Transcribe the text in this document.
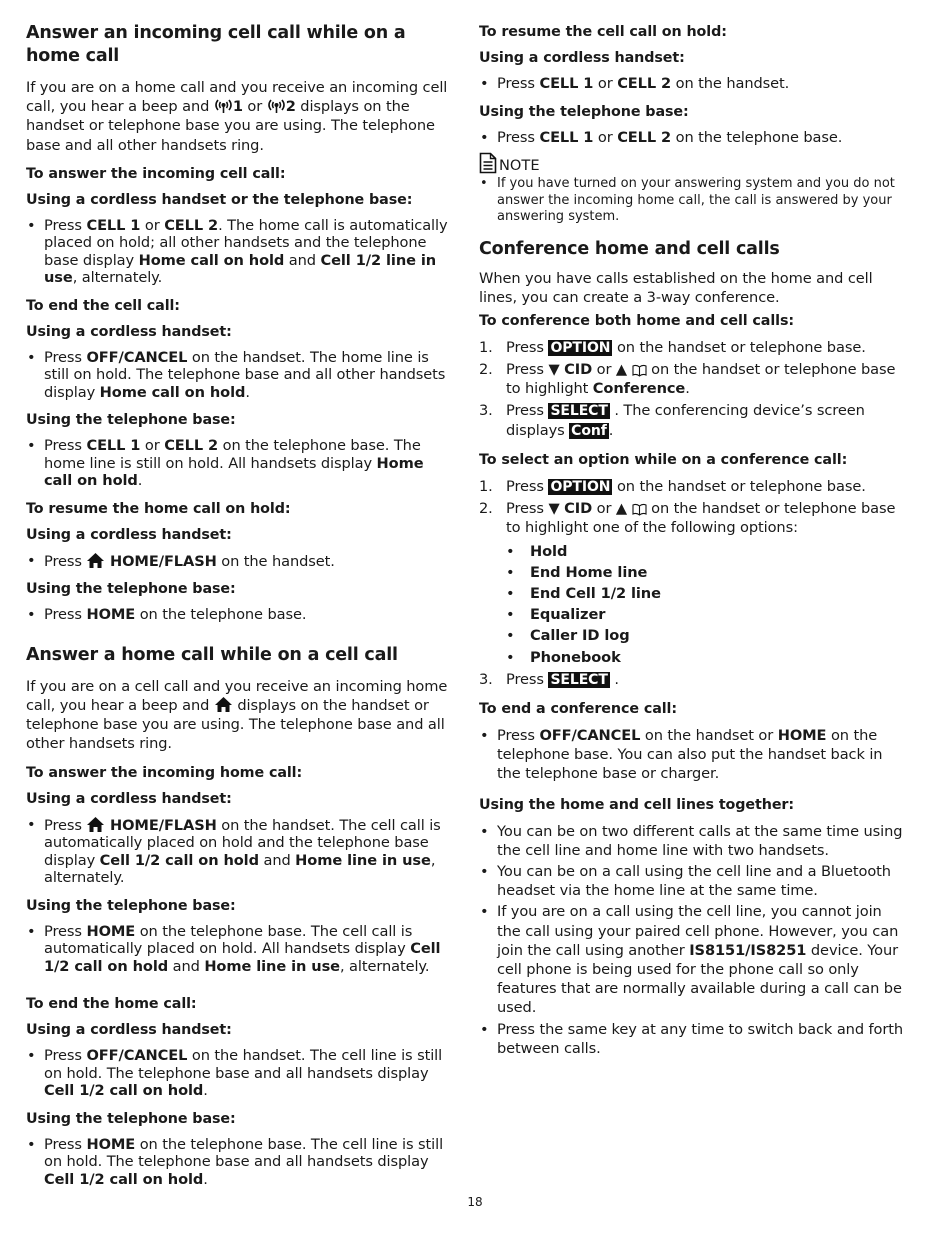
Answer an incoming cell call while on a home call

If you are on a home call and you receive an incoming cell call, you hear a beep and 1 or 2 displays on the handset or telephone base you are using. The telephone base and all other handsets ring.

To answer the incoming cell call:
Using a cordless handset or the telephone base:
• Press CELL 1 or CELL 2. The home call is automatically placed on hold; all other handsets and the telephone base display Home call on hold and Cell 1/2 line in use, alternately.
To end the cell call:
Using a cordless handset:
• Press OFF/CANCEL on the handset. The home line is still on hold. The telephone base and all other handsets display Home call on hold.
Using the telephone base:
• Press CELL 1 or CELL 2 on the telephone base. The home line is still on hold. All handsets display Home call on hold.
To resume the home call on hold:
Using a cordless handset:
• Press  HOME/FLASH on the handset.
Using the telephone base:
• Press HOME on the telephone base.
Answer a home call while on a cell call

If you are on a cell call and you receive an incoming home call, you hear a beep and  displays on the handset or telephone base you are using. The telephone base and all other handsets ring.

To answer the incoming home call:
Using a cordless handset:
• Press  HOME/FLASH on the handset. The cell call is automatically placed on hold and the telephone base display Cell 1/2 call on hold and Home line in use, alternately.
Using the telephone base:
• Press HOME on the telephone base. The cell call is automatically placed on hold. All handsets display Cell 1/2 call on hold and Home line in use, alternately.
To end the home call:
Using a cordless handset:
• Press OFF/CANCEL on the handset. The cell line is still on hold. The telephone base and all handsets display Cell 1/2 call on hold.
Using the telephone base:
• Press HOME on the telephone base. The cell line is still on hold. The telephone base and all handsets display Cell 1/2 call on hold.
To resume the cell call on hold:
Using a cordless handset:
• Press CELL 1 or CELL 2 on the handset.
Using the telephone base:
• Press CELL 1 or CELL 2 on the telephone base.
NOTE
• If you have turned on your answering system and you do not answer the incoming home call, the call is answered by your answering system.
Conference home and cell calls

When you have calls established on the home and cell lines, you can create a 3-way conference.

To conference both home and cell calls:
1. Press OPTION on the handset or telephone base.
2. Press ▼ CID or ▲  on the handset or telephone base to highlight Conference.
3. Press SELECT . The conferencing device’s screen displays Conf .
To select an option while on a conference call:
1. Press OPTION on the handset or telephone base.
2. Press ▼ CID or ▲  on the handset or telephone base to highlight one of the following options:
• Hold
• End Home line
• End Cell 1/2 line
• Equalizer
• Caller ID log
• Phonebook
3. Press SELECT .
To end a conference call:
• Press OFF/CANCEL on the handset or HOME on the telephone base. You can also put the handset back in the telephone base or charger.
Using the home and cell lines together:
• You can be on two different calls at the same time using the cell line and home line with two handsets.
• You can be on a call using the cell line and a Bluetooth headset via the home line at the same time.
• If you are on a call using the cell line, you cannot join the call using your paired cell phone. However, you can join the call using another IS8151/IS8251 device. Your cell phone is being used for the phone call so only features that are normally available during a call can be used.
• Press the same key at any time to switch back and forth between calls.
18
